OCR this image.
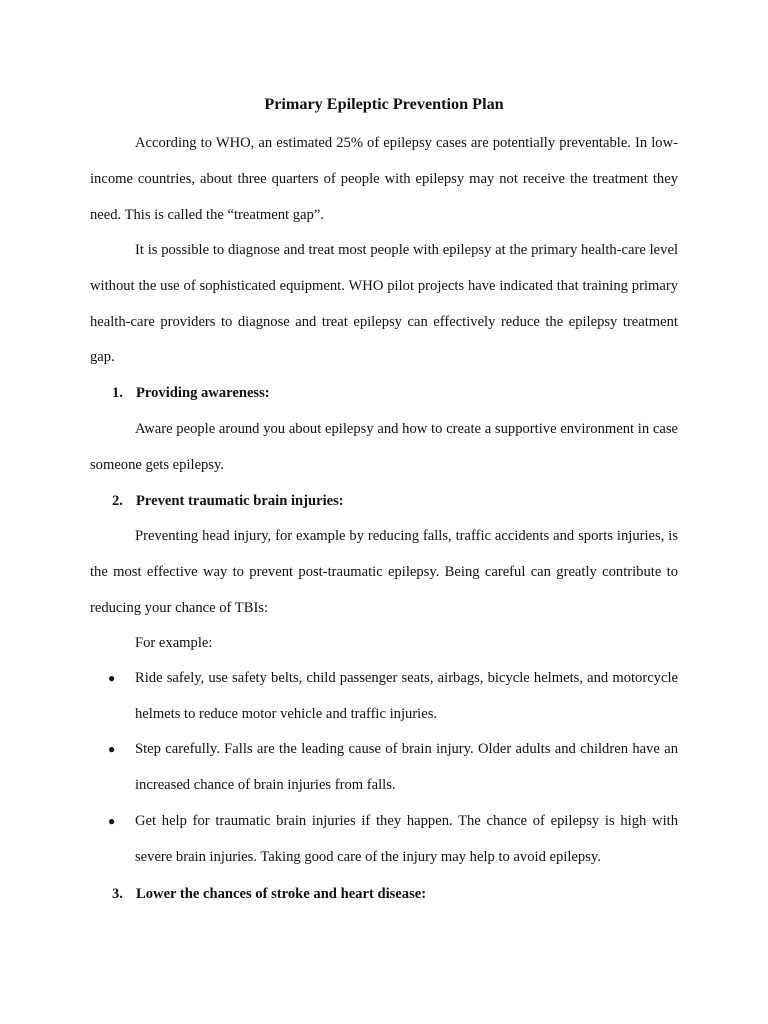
Primary Epileptic Prevention Plan

According to WHO, an estimated 25% of epilepsy cases are potentially preventable. In low-income countries, about three quarters of people with epilepsy may not receive the treatment they need. This is called the “treatment gap”.

It is possible to diagnose and treat most people with epilepsy at the primary health-care level without the use of sophisticated equipment. WHO pilot projects have indicated that training primary health-care providers to diagnose and treat epilepsy can effectively reduce the epilepsy treatment gap.

1. Providing awareness:

Aware people around you about epilepsy and how to create a supportive environment in case someone gets epilepsy.

2. Prevent traumatic brain injuries:

Preventing head injury, for example by reducing falls, traffic accidents and sports injuries, is the most effective way to prevent post-traumatic epilepsy. Being careful can greatly contribute to reducing your chance of TBIs:

For example:
●	Ride safely, use safety belts, child passenger seats, airbags, bicycle helmets, and motorcycle helmets to reduce motor vehicle and traffic injuries.
●	Step carefully. Falls are the leading cause of brain injury. Older adults and children have an increased chance of brain injuries from falls.
●	Get help for traumatic brain injuries if they happen. The chance of epilepsy is high with severe brain injuries. Taking good care of the injury may help to avoid epilepsy.
3. Lower the chances of stroke and heart disease:
